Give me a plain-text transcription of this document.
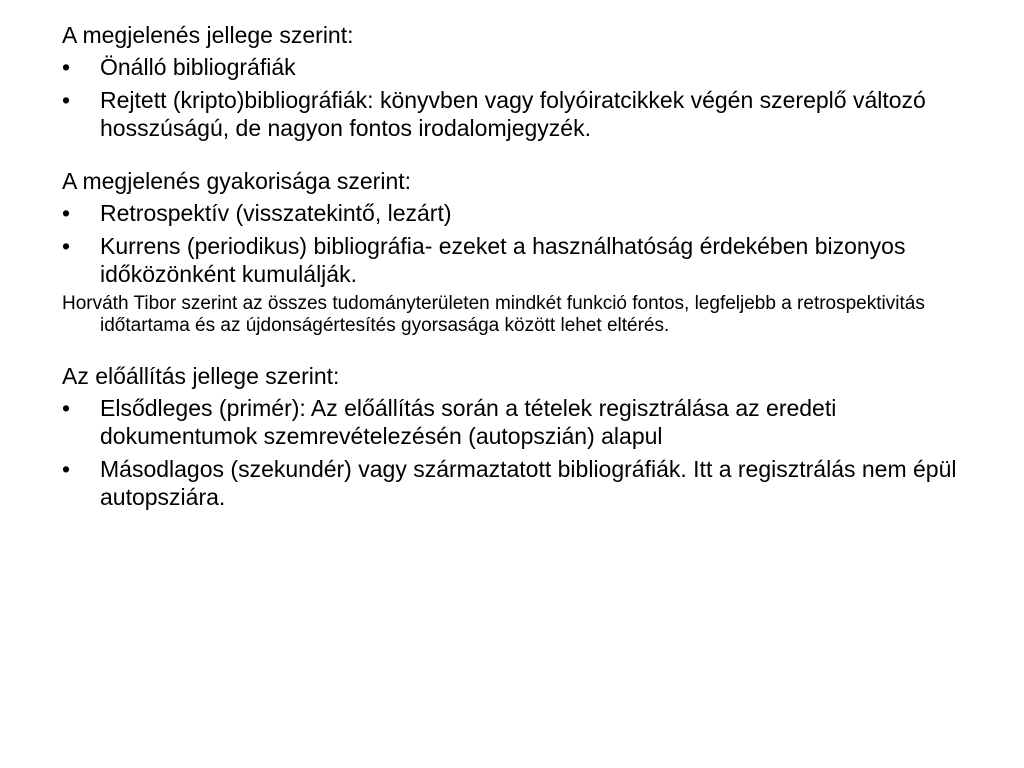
A megjelenés jellege szerint:

•	Önálló bibliográfiák
•	Rejtett (kripto)bibliográfiák: könyvben vagy folyóiratcikkek végén szereplő változó hosszúságú, de nagyon fontos irodalomjegyzék.

A megjelenés gyakorisága szerint:

•	Retrospektív (visszatekintő, lezárt)
•	Kurrens (periodikus) bibliográfia- ezeket a használhatóság érdekében bizonyos időközönként kumulálják.

Horváth Tibor szerint az összes tudományterületen mindkét funkció fontos, legfeljebb a retrospektivitás időtartama és az újdonságértesítés gyorsasága között lehet eltérés.

Az előállítás jellege szerint:

•	Elsődleges (primér): Az előállítás során a tételek regisztrálása az eredeti dokumentumok szemrevételezésén (autopszián) alapul
•	Másodlagos (szekundér) vagy származtatott bibliográfiák. Itt a regisztrálás nem épül autopsziára.
